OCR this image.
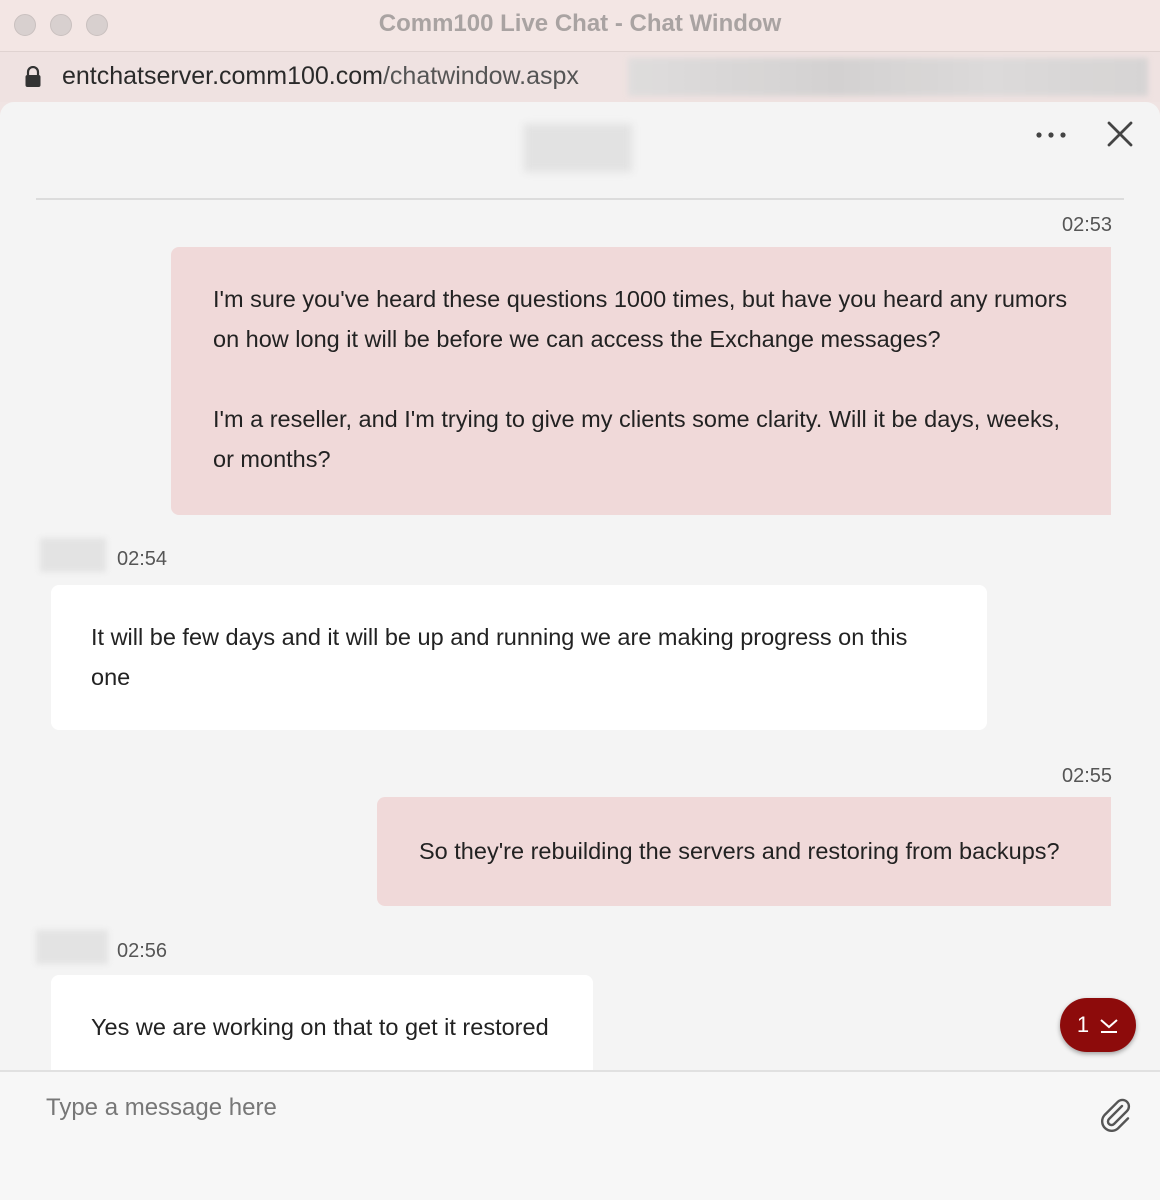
Comm100 Live Chat - Chat Window
entchatserver.comm100.com/chatwindow.aspx
02:53
I'm sure you've heard these questions 1000 times, but have you heard any rumors on how long it will be before we can access the Exchange messages?

I'm a reseller, and I'm trying to give my clients some clarity. Will it be days, weeks, or months?
02:54
It will be few days and it will be up and running we are making progress on this one
02:55
So they're rebuilding the servers and restoring from backups?
02:56
Yes we are working on that to get it restored	1
Type a message here
